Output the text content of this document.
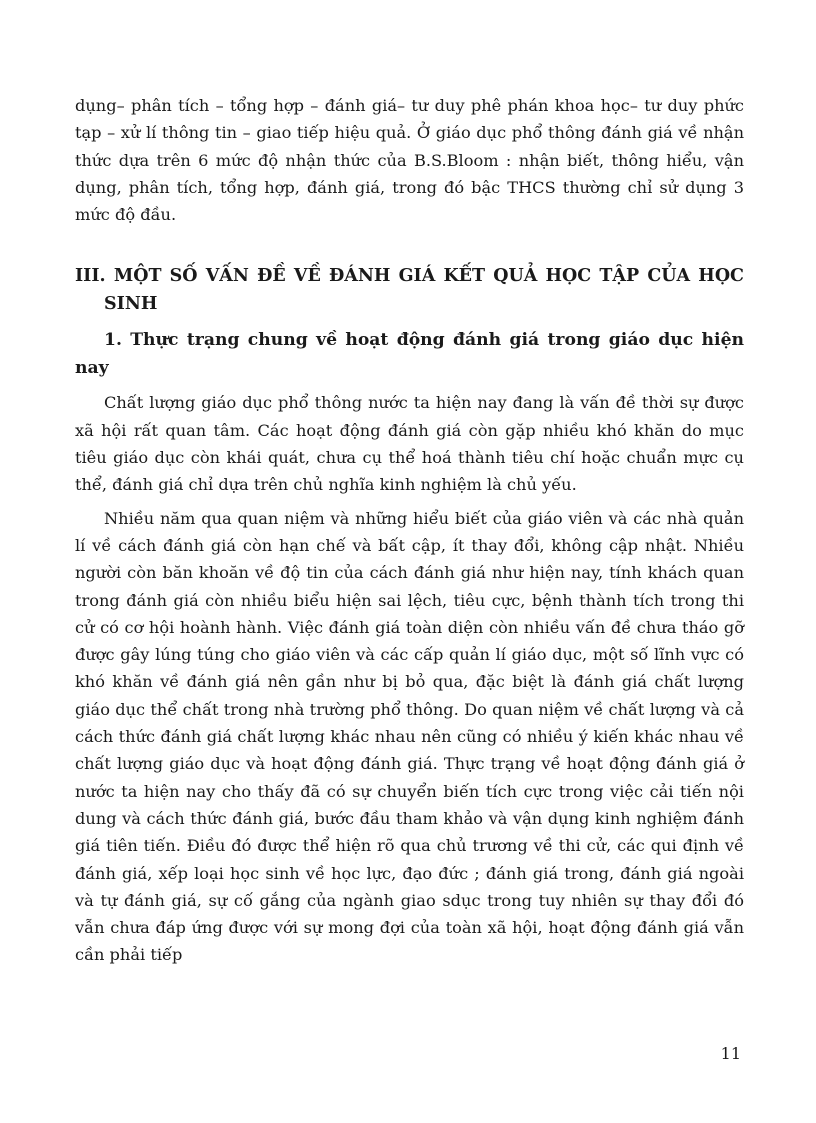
dụng– phân tích – tổng hợp – đánh giá– tư duy phê phán khoa học– tư duy phức tạp – xử lí thông tin – giao tiếp hiệu quả. Ở giáo dục phổ thông đánh giá về nhận thức dựa trên 6 mức độ nhận thức của B.S.Bloom : nhận biết, thông hiểu, vận dụng, phân tích, tổng hợp, đánh giá, trong đó bậc THCS thường chỉ sử dụng 3 mức độ đầu.

III. MỘT SỐ VẤN ĐỀ VỀ ĐÁNH GIÁ KẾT QUẢ HỌC TẬP CỦA HỌC SINH
1. Thực trạng chung về hoạt động đánh giá trong giáo dục hiện nay

Chất lượng giáo dục phổ thông nước ta hiện nay đang là vấn đề thời sự được xã hội rất quan tâm. Các hoạt động đánh giá còn gặp nhiều khó khăn do mục tiêu giáo dục còn khái quát, chưa cụ thể hoá thành tiêu chí hoặc chuẩn mực cụ thể, đánh giá chỉ dựa trên chủ nghĩa kinh nghiệm là chủ yếu.

Nhiều năm qua quan niệm và những hiểu biết của giáo viên và các nhà quản lí về cách đánh giá còn hạn chế và bất cập, ít thay đổi, không cập nhật. Nhiều người còn băn khoăn về độ tin của cách đánh giá như hiện nay, tính khách quan trong đánh giá còn nhiều biểu hiện sai lệch, tiêu cực, bệnh thành tích trong thi cử có cơ hội hoành hành. Việc đánh giá toàn diện còn nhiều vấn đề chưa tháo gỡ được gây lúng túng cho giáo viên và các cấp quản lí giáo dục, một số lĩnh vực có khó khăn về đánh giá nên gần như bị bỏ qua, đặc biệt là đánh giá chất lượng giáo dục thể chất trong nhà trường phổ thông. Do quan niệm về chất lượng và cả cách thức đánh giá chất lượng khác nhau nên cũng có nhiều ý kiến khác nhau về chất lượng giáo dục và hoạt động đánh giá. Thực trạng về hoạt động đánh giá ở nước ta hiện nay cho thấy đã có sự chuyển biến tích cực trong việc cải tiến nội dung và cách thức đánh giá, bước đầu tham khảo và vận dụng kinh nghiệm đánh giá tiên tiến. Điều đó được thể hiện rõ qua chủ trương về thi cử, các qui định về đánh giá, xếp loại học sinh về học lực, đạo đức ; đánh giá trong, đánh giá ngoài và tự đánh giá, sự cố gắng của ngành giao sdục trong tuy nhiên sự thay đổi đó vẫn chưa đáp ứng được với sự mong đợi của toàn xã hội, hoạt động đánh giá vẫn cần phải tiếp

11
